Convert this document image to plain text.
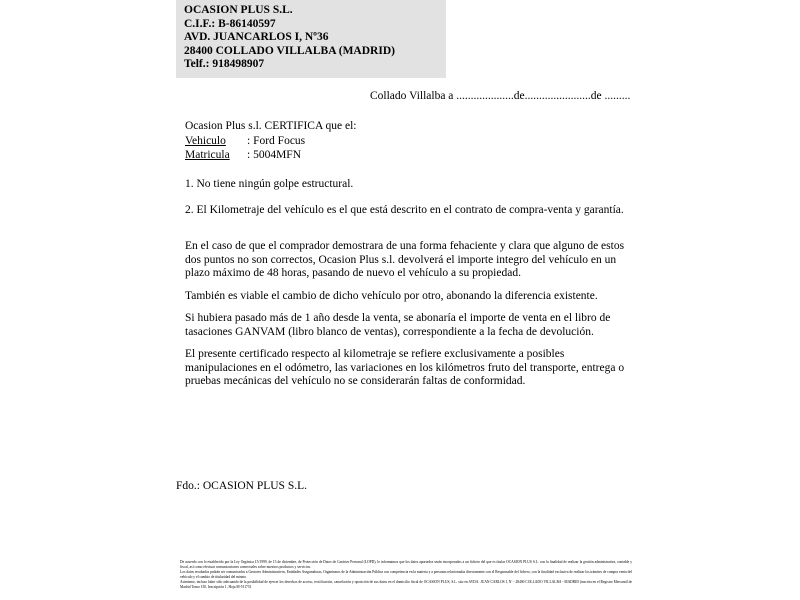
OCASION PLUS S.L.
C.I.F.: B-86140597
AVD. JUANCARLOS I, Nº36
28400 COLLADO VILLALBA (MADRID)
Telf.: 918498907
Collado Villalba a ....................de.......................de .........
Ocasion Plus s.l. CERTIFICA que el:
Vehiculo : Ford Focus
Matricula : 5004MFN
1. No tiene ningún golpe estructural.
2. El Kilometraje del vehículo es el que está descrito en el contrato de compra-venta y garantía.
En el caso de que el comprador demostrara de una forma fehaciente y clara que alguno de estos dos puntos no son correctos, Ocasion Plus s.l. devolverá el importe integro del vehículo en un plazo máximo de 48 horas, pasando de nuevo el vehículo a su propiedad.
También es viable el cambio de dicho vehículo por otro, abonando la diferencia existente.
Si hubiera pasado más de 1 año desde la venta, se abonaría el importe de venta en el libro de tasaciones GANVAM (libro blanco de ventas), correspondiente a la fecha de devolución.
El presente certificado respecto al kilometraje se refiere exclusivamente a posibles manipulaciones en el odómetro, las variaciones en los kilómetros fruto del transporte, entrega o pruebas mecánicas del vehículo no se considerarán faltas de conformidad.
Fdo.: OCASION PLUS S.L.

De acuerdo con lo establecido por la Ley Orgánica 15/1999, de 13 de diciembre, de Protección de Datos de Carácter Personal (LOPD), le informamos que los datos aportados serán incorporados a un fichero del que es titular OCASION PLUS S.L. con la finalidad de realizar la gestión administrativa, contable y fiscal, así como efectuar comunicaciones comerciales sobre nuestros productos y servicios.

Los datos recabados podrán ser comunicados a Gestores Administrativos, Entidades Aseguradoras, Organismos de la Administración Pública con competencia en la materia y a personas relacionadas directamente con el Responsable del fichero, con la finalidad exclusiva de realizar los trámites de compra venta del vehículo y el cambio de titularidad del mismo.

Asimismo, incluso labor sólo adecuando de la posibilidad de ejercer los derechos de acceso, rectificación, cancelación y oposición de sus datos en el domicilio fiscal de OCASION PLUS, S.L. sito en AVDA. JUAN CARLOS I, Nº - 28400 COLLADO VILLALBA - MADRID (inscrita en el Registro Mercantil de Madrid Tomo 150, Inscripción 1, Hoja M-511751
